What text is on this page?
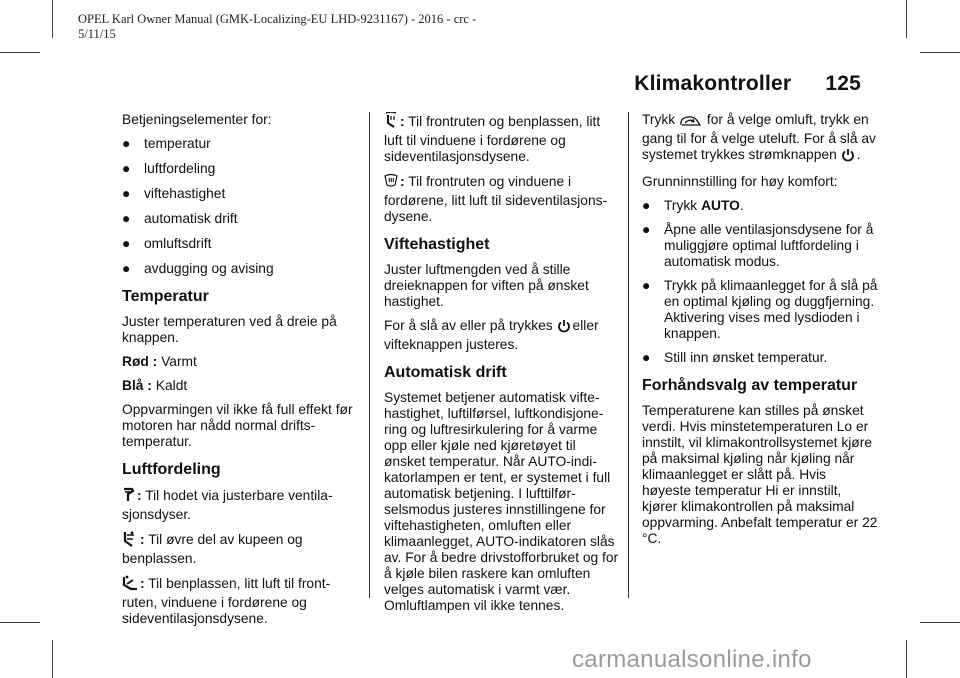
OPEL Karl Owner Manual (GMK-Localizing-EU LHD-9231167) - 2016 - crc -
5/11/15
Klimakontroller 125

Betjeningselementer for:

● temperatur
● luftfordeling
● viftehastighet
● automatisk drift
● omluftsdrift
● avdugging og avising
Temperatur

Juster temperaturen ved å dreie på knappen.

Rød : Varmt

Blå : Kaldt

Oppvarmingen vil ikke få full effekt før motoren har nådd normal driftstemperatur.

Luftfordeling

: Til hodet via justerbare ventilasjonsdyser.

: Til øvre del av kupeen og benplassen.

: Til benplassen, litt luft til frontruten, vinduene i fordørene og sideventilasjonsdysene.

: Til frontruten og benplassen, litt luft til vinduene i fordørene og sideventilasjonsdysene.

: Til frontruten og vinduene i fordørene, litt luft til sideventilasjonsdysene.

Viftehastighet

Juster luftmengden ved å stille dreieknappen for viften på ønsket hastighet.

For å slå av eller på trykkes eller vifteknappen justeres.

Automatisk drift

Systemet betjener automatisk viftehastighet, luftilførsel, luftkondisjonering og luftresirkulering for å varme opp eller kjøle ned kjøretøyet til ønsket temperatur. Når AUTO-indikatorlampen er tent, er systemet i full automatisk betjening. I lufttilførselsmodus justeres innstillingene for viftehastigheten, omluften eller klimaanlegget, AUTO-indikatoren slås av. For å bedre drivstofforbruket og for å kjøle bilen raskere kan omluften velges automatisk i varmt vær. Omluftlampen vil ikke tennes.

Trykk for å velge omluft, trykk en gang til for å velge uteluft. For å slå av systemet trykkes strømknappen .

Grunninnstilling for høy komfort:

● Trykk AUTO.
● Åpne alle ventilasjonsdysene for å muliggjøre optimal luftfordeling i automatisk modus.
● Trykk på klimaanlegget for å slå på en optimal kjøling og duggfjerning. Aktivering vises med lysdioden i knappen.
● Still inn ønsket temperatur.
Forhåndsvalg av temperatur

Temperaturene kan stilles på ønsket verdi. Hvis minstetemperaturen Lo er innstilt, vil klimakontrollsystemet kjøre på maksimal kjøling når kjøling når klimaanlegget er slått på. Hvis høyeste temperatur Hi er innstilt, kjører klimakontrollen på maksimal oppvarming. Anbefalt temperatur er 22 °C.

carmanualsonline.info
